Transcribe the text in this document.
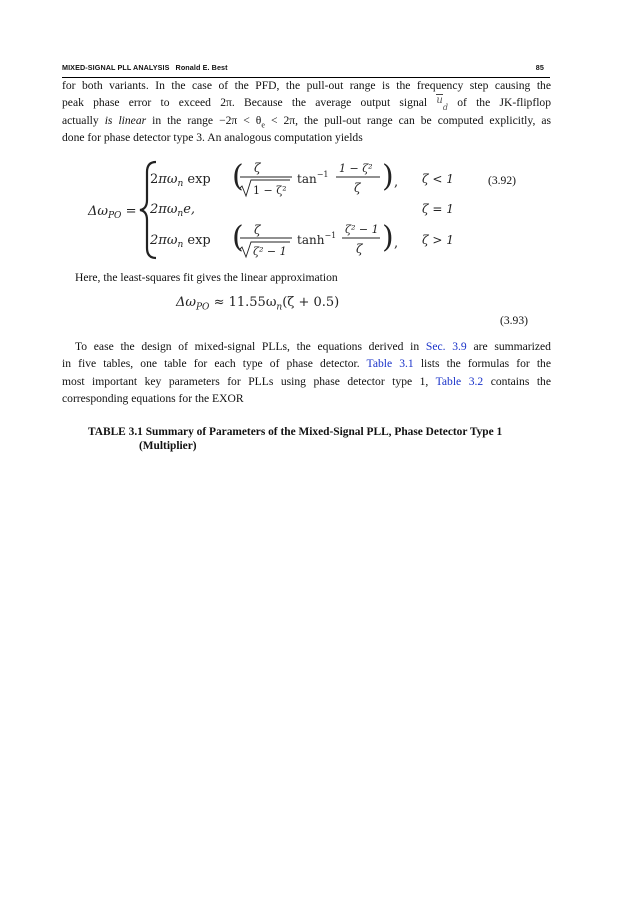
MIXED-SIGNAL PLL ANALYSIS Ronald E. Best	85
for both variants. In the case of the PFD, the pull-out range is the frequency step causing the
peak phase error to exceed 2π. Because the average output signal $u_d$ of the JK-flipflop
actually is linear in the range $-2\pi < \theta_e < 2\pi$, the pull-out range can be computed explicitly, as
done for phase detector type 3. An analogous computation yields
$\Delta\omega_{PO}$ =
$2\pi\omega_n$ exp ( ζ
1 − ζ²
$\tan^{-1} 1 - \zeta^2$
ζ ) , ζ < 1
$2\pi\omega_ne$,	ζ = 1
$2\pi\omega_n$ exp ( ζ
ζ² − 1
$\tanh^{-1} \zeta^2 - 1$
ζ ) , ζ > 1
(3.92)
Here, the least-squares fit gives the linear approximation
$\Delta\omega_{PO} \approx 11.55\omega_n(\zeta + 0.5)$
(3.93)
To ease the design of mixed-signal PLLs, the equations derived in Sec. 3.9 are summarized
in five tables, one table for each type of phase detector. Table 3.1 lists the formulas for the
most important key parameters for PLLs using phase detector type 1, Table 3.2 contains the
corresponding equations for the EXOR
TABLE 3.1 Summary of Parameters of the Mixed-Signal PLL, Phase Detector Type 1
(Multiplier)
